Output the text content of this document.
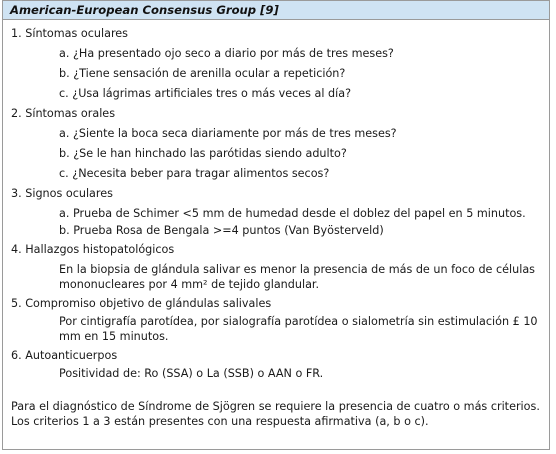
American-European Consensus Group [9]
1. Síntomas oculares
a. ¿Ha presentado ojo seco a diario por más de tres meses?
b. ¿Tiene sensación de arenilla ocular a repetición?
c. ¿Usa lágrimas artificiales tres o más veces al día?
2. Síntomas orales
a. ¿Siente la boca seca diariamente por más de tres meses?
b. ¿Se le han hinchado las parótidas siendo adulto?
c. ¿Necesita beber para tragar alimentos secos?
3. Signos oculares
a. Prueba de Schimer <5 mm de humedad desde el doblez del papel en 5 minutos.
b. Prueba Rosa de Bengala >=4 puntos (Van Byösterveld)
4. Hallazgos histopatológicos
En la biopsia de glándula salivar es menor la presencia de más de un foco de células mononucleares por 4 mm² de tejido glandular.
5. Compromiso objetivo de glándulas salivales
Por cintigrafía parotídea, por sialografía parotídea o sialometría sin estimulación £ 10 mm en 15 minutos.
6. Autoanticuerpos
Positividad de: Ro (SSA) o La (SSB) o AAN o FR.
Para el diagnóstico de Síndrome de Sjögren se requiere la presencia de cuatro o más criterios.
Los criterios 1 a 3 están presentes con una respuesta afirmativa (a, b o c).
